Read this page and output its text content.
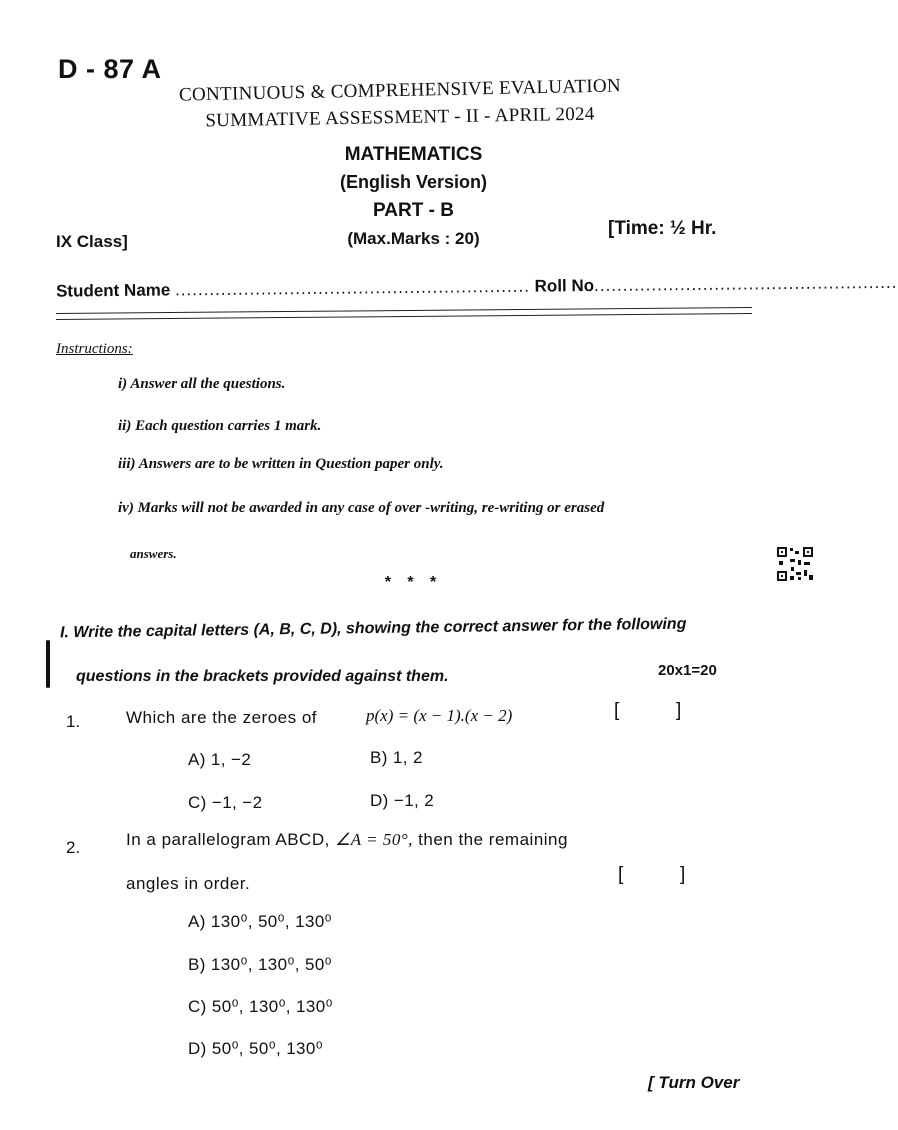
D - 87 A
CONTINUOUS & COMPREHENSIVE EVALUATION
SUMMATIVE ASSESSMENT - II - APRIL 2024
MATHEMATICS
(English Version)
PART - B
IX Class]	(Max.Marks : 20)	[Time: ½ Hr.
Student Name .............................................................. Roll No.....................................................
Instructions:
i) Answer all the questions.
ii) Each question carries 1 mark.
iii) Answers are to be written in Question paper only.
iv) Marks will not be awarded in any case of over -writing, re-writing or erased
answers.
* * *
I. Write the capital letters (A, B, C, D), showing the correct answer for the following
questions in the brackets provided against them.	20x1=20
1.	Which are the zeroes of	p(x) = (x − 1).(x − 2)	[	]
A) 1, −2	B) 1, 2
C) −1, −2	D) −1, 2
2.	In a parallelogram ABCD, ∠A = 50°, then the remaining
angles in order.	[	]
A) 130⁰, 50⁰, 130⁰
B) 130⁰, 130⁰, 50⁰
C) 50⁰, 130⁰, 130⁰
D) 50⁰, 50⁰, 130⁰
[ Turn Over
